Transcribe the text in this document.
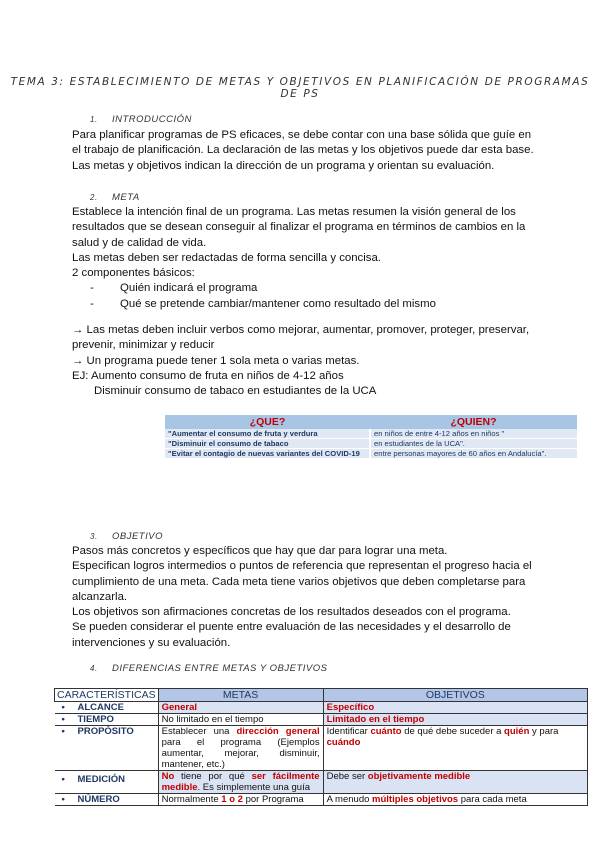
TEMA 3: ESTABLECIMIENTO DE METAS Y OBJETIVOS EN PLANIFICACIÓN DE PROGRAMAS DE PS
1. INTRODUCCIÓN

Para planificar programas de PS eficaces, se debe contar con una base sólida que guíe en

el trabajo de planificación. La declaración de las metas y los objetivos puede dar esta base.

Las metas y objetivos indican la dirección de un programa y orientan su evaluación.

2. META

Establece la intención final de un programa. Las metas resumen la visión general de los

resultados que se desean conseguir al finalizar el programa en términos de cambios en la

salud y de calidad de vida.

Las metas deben ser redactadas de forma sencilla y concisa.

2 componentes básicos:

- Quién indicará el programa
- Qué se pretende cambiar/mantener como resultado del mismo

→ Las metas deben incluir verbos como mejorar, aumentar, promover, proteger, preservar,

prevenir, minimizar y reducir

→ Un programa puede tener 1 sola meta o varias metas.

EJ: Aumento consumo de fruta en niños de 4-12 años

Disminuir consumo de tabaco en estudiantes de la UCA

¿QUE?	¿QUIEN?
"Aumentar el consumo de fruta y verdura	en niños de entre 4-12 años en niños "
"Disminuir el consumo de tabaco	en estudiantes de la UCA".
"Evitar el contagio de nuevas variantes del COVID-19	entre personas mayores de 60 años en Andalucía".
3. OBJETIVO

Pasos más concretos y específicos que hay que dar para lograr una meta.

Especifican logros intermedios o puntos de referencia que representan el progreso hacia el

cumplimiento de una meta. Cada meta tiene varios objetivos que deben completarse para

alcanzarla.

Los objetivos son afirmaciones concretas de los resultados deseados con el programa.

Se pueden considerar el puente entre evaluación de las necesidades y el desarrollo de

intervenciones y su evaluación.

4. DIFERENCIAS ENTRE METAS Y OBJETIVOS
CARACTERÍSTICAS	METAS	OBJETIVOS
• ALCANCE	General	Específico
• TIEMPO	No limitado en el tiempo	Limitado en el tiempo
• PROPÓSITO	Establecer una dirección general para el programa (Ejemplos aumentar, mejorar, disminuir, mantener, etc.)	Identificar cuánto de qué debe suceder a quién y para cuándo
• MEDICIÓN	No tiene por qué ser fácilmente medible. Es simplemente una guía	Debe ser objetivamente medible
• NÚMERO	Normalmente 1 o 2 por Programa	A menudo múltiples objetivos para cada meta
